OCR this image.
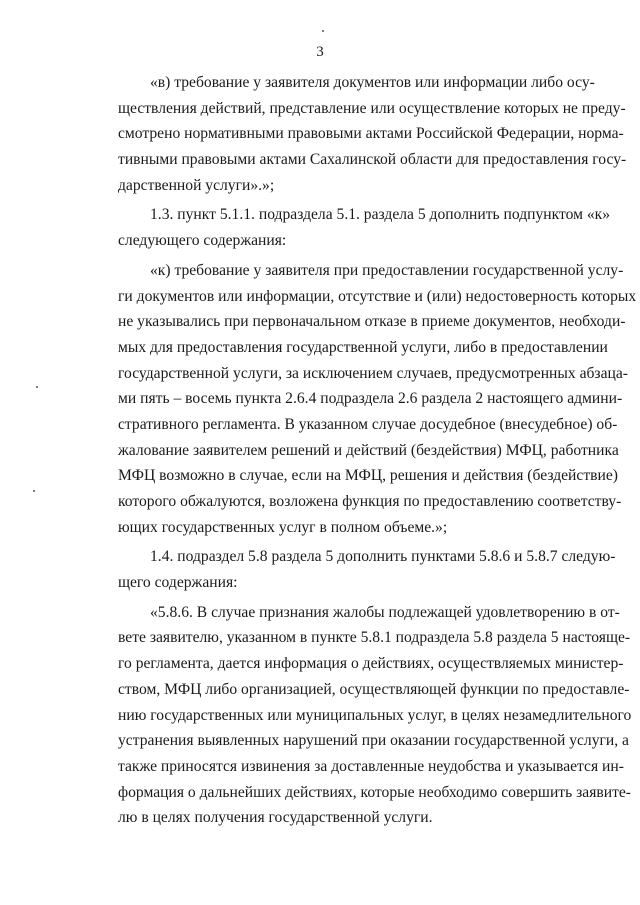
3
«в) требование у заявителя документов или информации либо осу-
ществления действий, представление или осуществление которых не преду-
смотрено нормативными правовыми актами Российской Федерации, норма-
тивными правовыми актами Сахалинской области для предоставления госу-
дарственной услуги».»;
1.3. пункт 5.1.1. подраздела 5.1. раздела 5 дополнить подпунктом «к»
следующего содержания:
«к) требование у заявителя при предоставлении государственной услу-
ги документов или информации, отсутствие и (или) недостоверность которых
не указывались при первоначальном отказе в приеме документов, необходи-
мых для предоставления государственной услуги, либо в предоставлении
государственной услуги, за исключением случаев, предусмотренных абзаца-
ми пять – восемь пункта 2.6.4 подраздела 2.6 раздела 2 настоящего админи-
стративного регламента. В указанном случае досудебное (внесудебное) об-
жалование заявителем решений и действий (бездействия) МФЦ, работника
МФЦ возможно в случае, если на МФЦ, решения и действия (бездействие)
которого обжалуются, возложена функция по предоставлению соответству-
ющих государственных услуг в полном объеме.»;
1.4. подраздел 5.8 раздела 5 дополнить пунктами 5.8.6 и 5.8.7 следую-
щего содержания:
«5.8.6. В случае признания жалобы подлежащей удовлетворению в от-
вете заявителю, указанном в пункте 5.8.1 подраздела 5.8 раздела 5 настояще-
го регламента, дается информация о действиях, осуществляемых министер-
ством, МФЦ либо организацией, осуществляющей функции по предоставле-
нию государственных или муниципальных услуг, в целях незамедлительного
устранения выявленных нарушений при оказании государственной услуги, а
также приносятся извинения за доставленные неудобства и указывается ин-
формация о дальнейших действиях, которые необходимо совершить заявите-
лю в целях получения государственной услуги.
